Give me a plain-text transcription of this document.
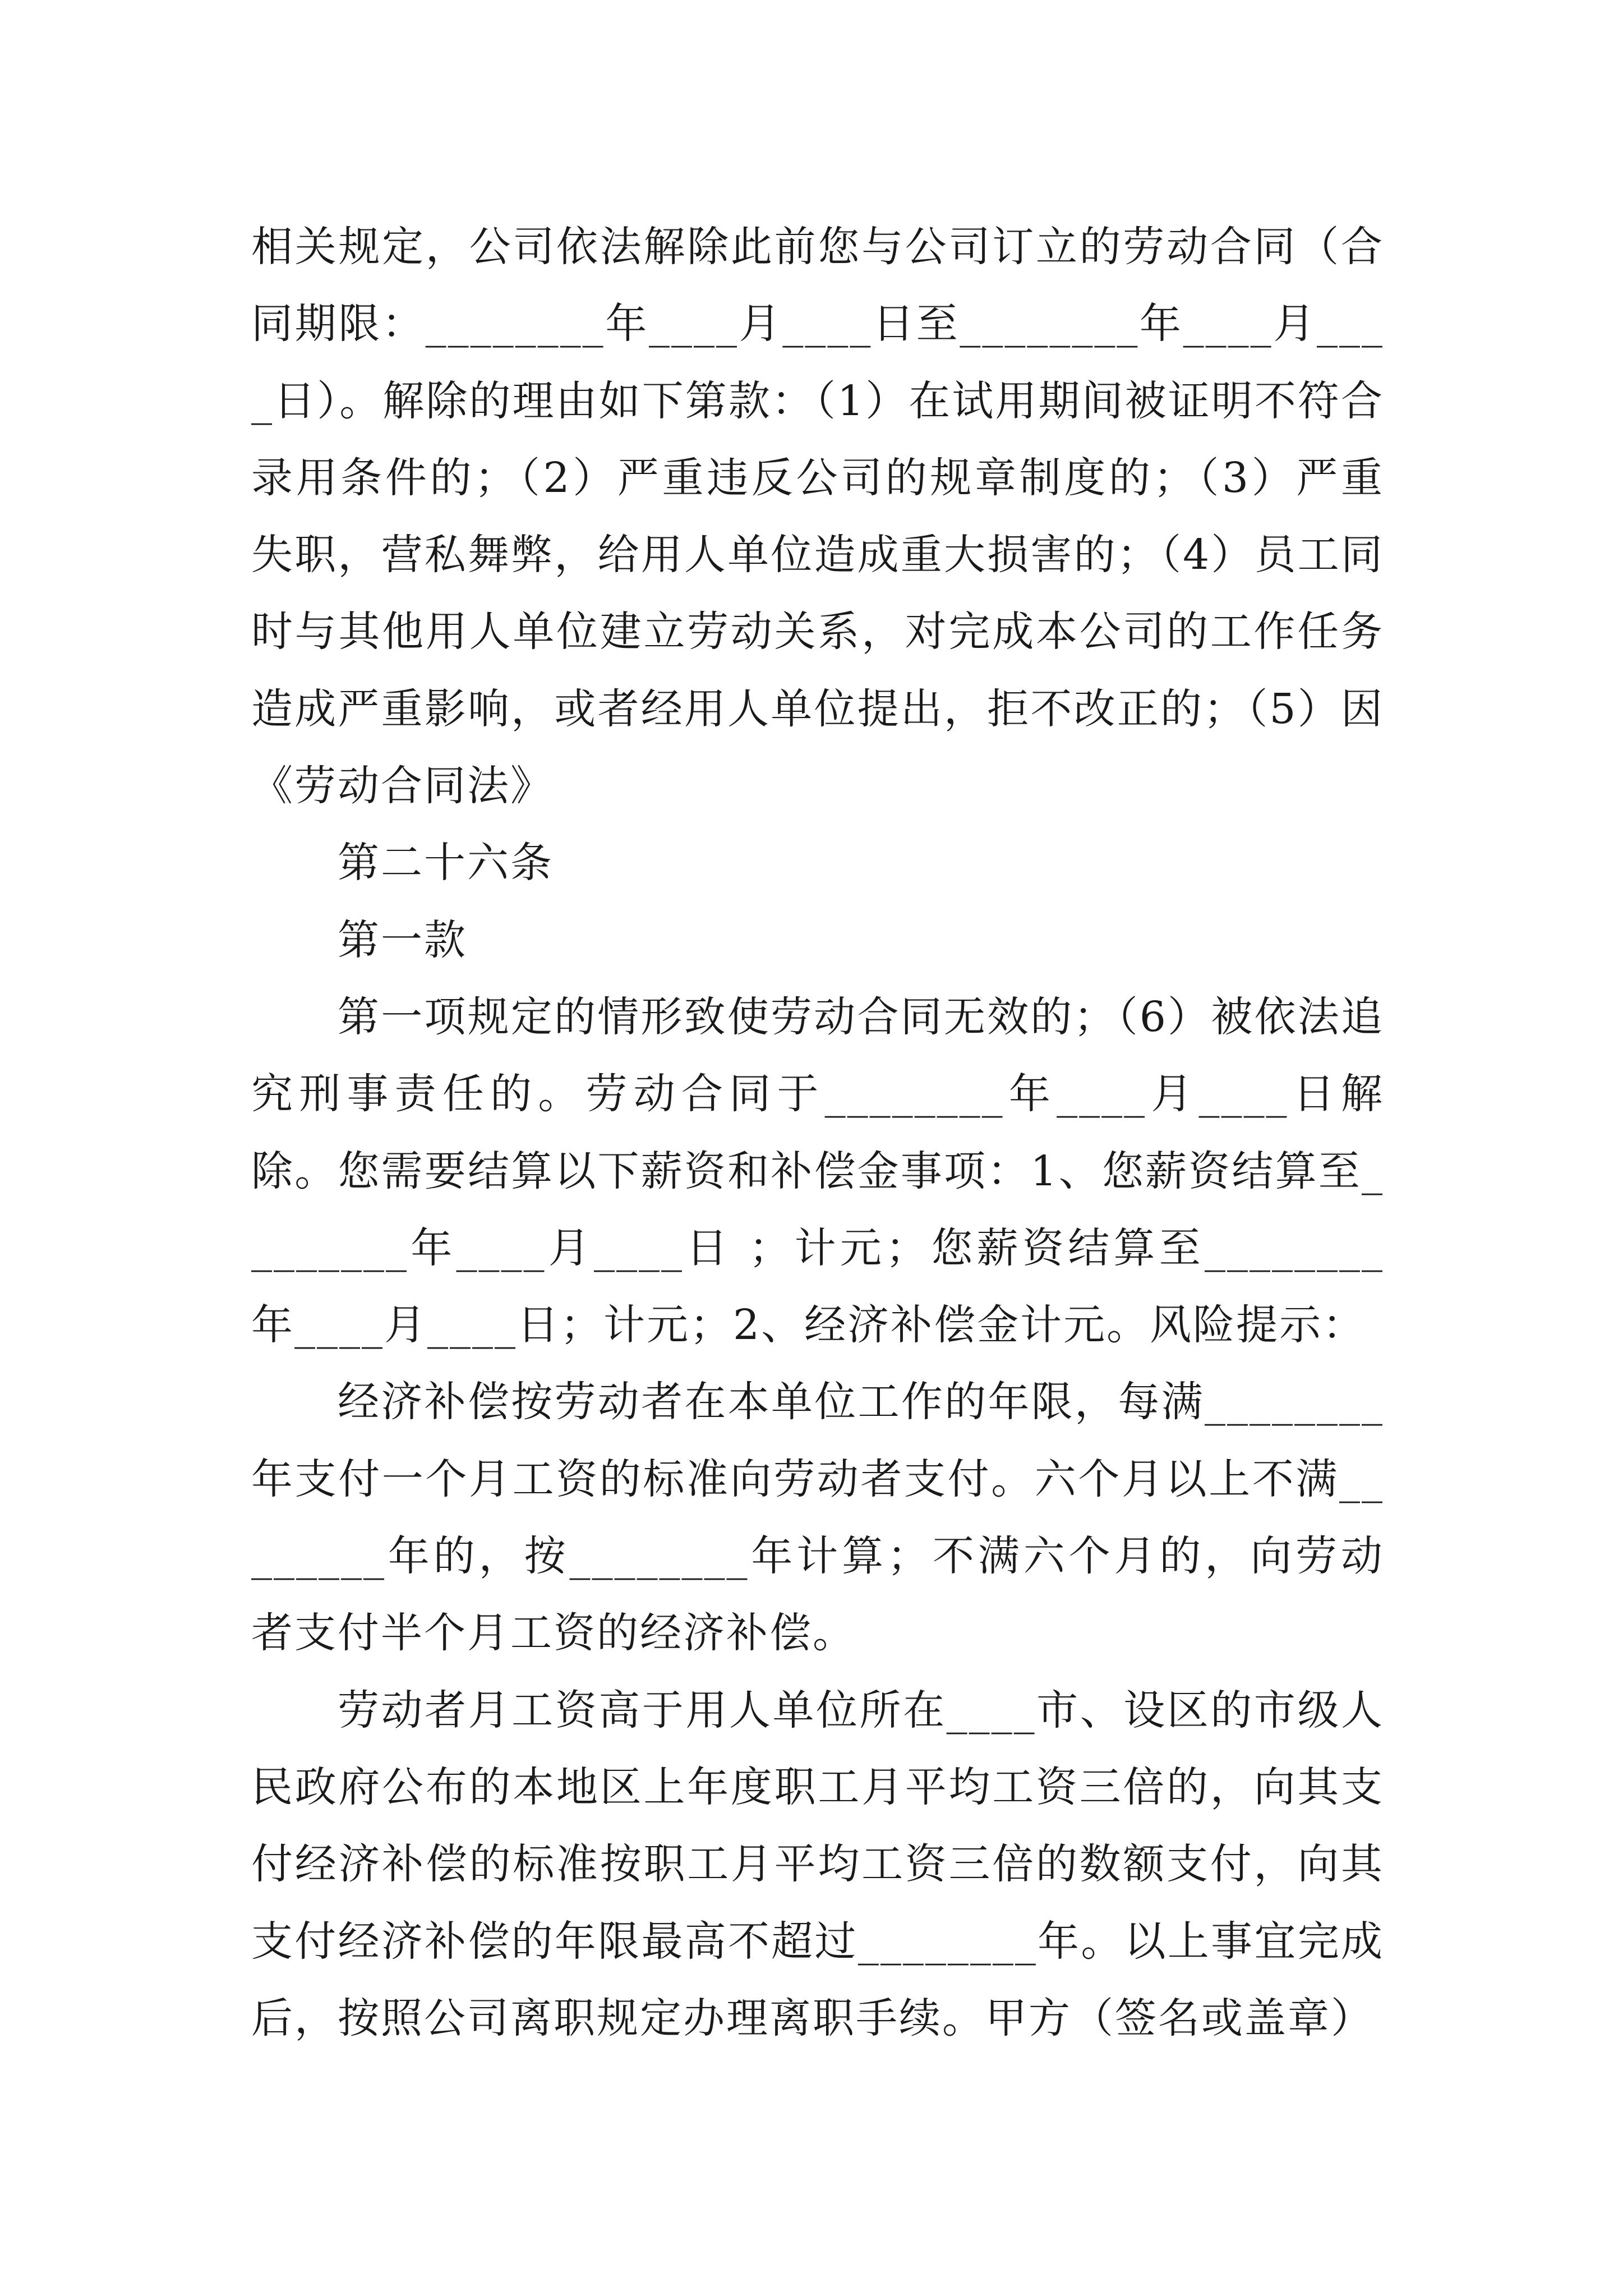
相关规定，公司依法解除此前您与公司订立的劳动合同（合同期限：________年____月____日至________年____月____日）。解除的理由如下第款：（1）在试用期间被证明不符合录用条件的；（2）严重违反公司的规章制度的；（3）严重失职，营私舞弊，给用人单位造成重大损害的；（4）员工同时与其他用人单位建立劳动关系，对完成本公司的工作任务造成严重影响，或者经用人单位提出，拒不改正的；（5）因《劳动合同法》

第二十六条

第一款

第一项规定的情形致使劳动合同无效的；（6）被依法追究刑事责任的。劳动合同于________年____月____日解除。您需要结算以下薪资和补偿金事项：1、您薪资结算至________年____月____日 ；计元；您薪资结算至________年____月____日；计元；2、经济补偿金计元。风险提示：

经济补偿按劳动者在本单位工作的年限，每满________年支付一个月工资的标准向劳动者支付。六个月以上不满________年的，按________年计算；不满六个月的，向劳动者支付半个月工资的经济补偿。

劳动者月工资高于用人单位所在____市、设区的市级人民政府公布的本地区上年度职工月平均工资三倍的，向其支付经济补偿的标准按职工月平均工资三倍的数额支付，向其支付经济补偿的年限最高不超过________年。以上事宜完成后，按照公司离职规定办理离职手续。甲方（签名或盖章）
